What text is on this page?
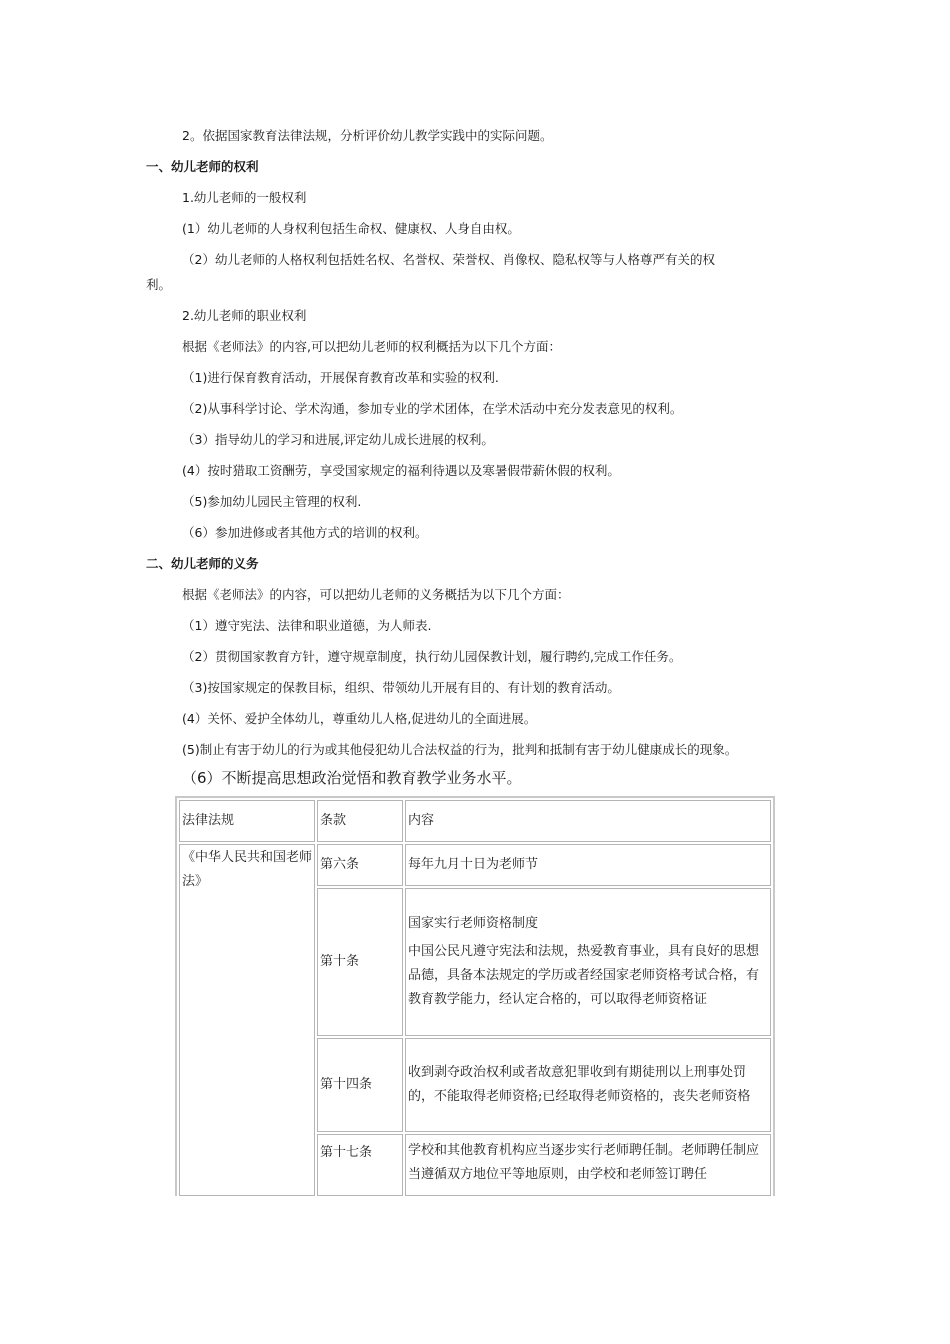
2。依据国家教育法律法规，分析评价幼儿教学实践中的实际问题。
一、幼儿老师的权利
1.幼儿老师的一般权利
(1）幼儿老师的人身权利包括生命权、健康权、人身自由权。
（2）幼儿老师的人格权利包括姓名权、名誉权、荣誉权、肖像权、隐私权等与人格尊严有关的权
利。
2.幼儿老师的职业权利
根据《老师法》的内容,可以把幼儿老师的权利概括为以下几个方面：
（1)进行保育教育活动，开展保育教育改革和实验的权利.
（2)从事科学讨论、学术沟通，参加专业的学术团体，在学术活动中充分发表意见的权利。
（3）指导幼儿的学习和进展,评定幼儿成长进展的权利。
(4）按时猎取工资酬劳，享受国家规定的福利待遇以及寒暑假带薪休假的权利。
（5)参加幼儿园民主管理的权利.
（6）参加进修或者其他方式的培训的权利。
二、幼儿老师的义务
根据《老师法》的内容，可以把幼儿老师的义务概括为以下几个方面：
（1）遵守宪法、法律和职业道德，为人师表.
（2）贯彻国家教育方针，遵守规章制度，执行幼儿园保教计划，履行聘约,完成工作任务。
（3)按国家规定的保教目标，组织、带领幼儿开展有目的、有计划的教育活动。
(4）关怀、爱护全体幼儿，尊重幼儿人格,促进幼儿的全面进展。
(5)制止有害于幼儿的行为或其他侵犯幼儿合法权益的行为，批判和抵制有害于幼儿健康成长的现象。
（6）不断提高思想政治觉悟和教育教学业务水平。
法律法规	条款	内容
《中华人民共和国老师法》	第六条	每年九月十日为老师节

	第十条	国家实行老师资格制度

中国公民凡遵守宪法和法规，热爱教育事业，具有良好的思想品德，具备本法规定的学历或者经国家老师资格考试合格，有教育教学能力，经认定合格的，可以取得老师资格证

	第十四条	收到剥夺政治权利或者故意犯罪收到有期徒刑以上刑事处罚的，不能取得老师资格;已经取得老师资格的，丧失老师资格

	第十七条	学校和其他教育机构应当逐步实行老师聘任制。老师聘任制应当遵循双方地位平等地原则，由学校和老师签订聘任
